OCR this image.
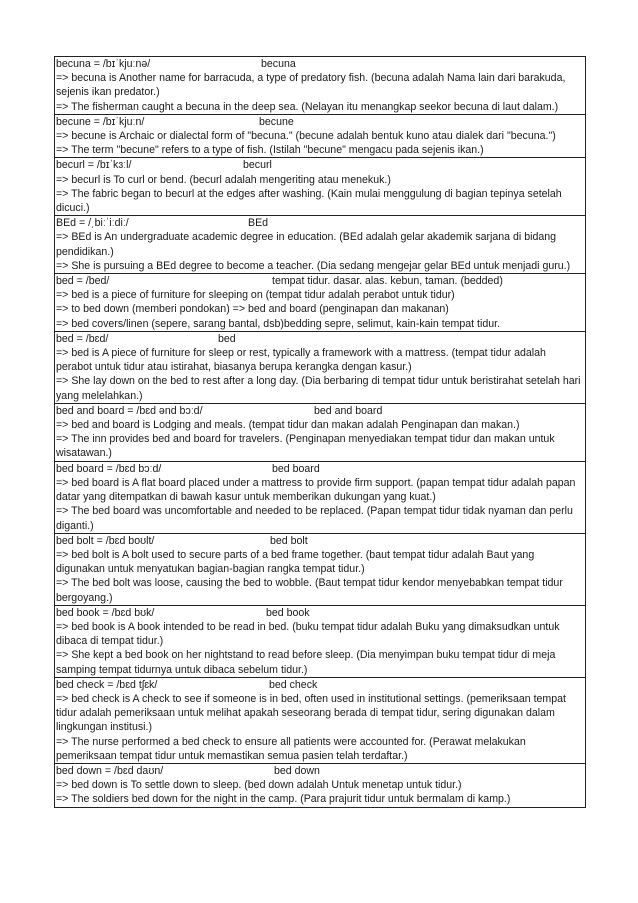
becuna = /bɪˈkjuːnə/	becuna
=> becuna is Another name for barracuda, a type of predatory fish. (becuna adalah Nama lain dari barakuda, sejenis ikan predator.)
=> The fisherman caught a becuna in the deep sea. (Nelayan itu menangkap seekor becuna di laut dalam.)
becune = /bɪˈkjuːn/	becune
=> becune is Archaic or dialectal form of "becuna." (becune adalah bentuk kuno atau dialek dari "becuna.")
=> The term "becune" refers to a type of fish. (Istilah "becune" mengacu pada sejenis ikan.)
becurl = /bɪˈkɜːl/	becurl
=> becurl is To curl or bend. (becurl adalah mengeriting atau menekuk.)
=> The fabric began to becurl at the edges after washing. (Kain mulai menggulung di bagian tepinya setelah dicuci.)
BEd = /ˌbiːˈiːdiː/	BEd
=> BEd is An undergraduate academic degree in education. (BEd adalah gelar akademik sarjana di bidang pendidikan.)
=> She is pursuing a BEd degree to become a teacher. (Dia sedang mengejar gelar BEd untuk menjadi guru.)
bed = /bed/	tempat tidur. dasar. alas. kebun, taman. (bedded)
=> bed is a piece of furniture for sleeping on (tempat tidur adalah perabot untuk tidur)
=> to bed down (memberi pondokan) => bed and board (penginapan dan makanan)
=> bed covers/linen (sepere, sarang bantal, dsb)bedding sepre, selimut, kain-kain tempat tidur.
bed = /bɛd/	bed
=> bed is A piece of furniture for sleep or rest, typically a framework with a mattress. (tempat tidur adalah perabot untuk tidur atau istirahat, biasanya berupa kerangka dengan kasur.)
=> She lay down on the bed to rest after a long day. (Dia berbaring di tempat tidur untuk beristirahat setelah hari yang melelahkan.)
bed and board = /bɛd ənd bɔːd/	bed and board
=> bed and board is Lodging and meals. (tempat tidur dan makan adalah Penginapan dan makan.)
=> The inn provides bed and board for travelers. (Penginapan menyediakan tempat tidur dan makan untuk wisatawan.)
bed board = /bɛd bɔːd/	bed board
=> bed board is A flat board placed under a mattress to provide firm support. (papan tempat tidur adalah papan datar yang ditempatkan di bawah kasur untuk memberikan dukungan yang kuat.)
=> The bed board was uncomfortable and needed to be replaced. (Papan tempat tidur tidak nyaman dan perlu diganti.)
bed bolt = /bɛd boʊlt/	bed bolt
=> bed bolt is A bolt used to secure parts of a bed frame together. (baut tempat tidur adalah Baut yang digunakan untuk menyatukan bagian-bagian rangka tempat tidur.)
=> The bed bolt was loose, causing the bed to wobble. (Baut tempat tidur kendor menyebabkan tempat tidur bergoyang.)
bed book = /bɛd bʊk/	bed book
=> bed book is A book intended to be read in bed. (buku tempat tidur adalah Buku yang dimaksudkan untuk dibaca di tempat tidur.)
=> She kept a bed book on her nightstand to read before sleep. (Dia menyimpan buku tempat tidur di meja samping tempat tidurnya untuk dibaca sebelum tidur.)
bed check = /bɛd tʃɛk/	bed check
=> bed check is A check to see if someone is in bed, often used in institutional settings. (pemeriksaan tempat tidur adalah pemeriksaan untuk melihat apakah seseorang berada di tempat tidur, sering digunakan dalam lingkungan institusi.)
=> The nurse performed a bed check to ensure all patients were accounted for. (Perawat melakukan pemeriksaan tempat tidur untuk memastikan semua pasien telah terdaftar.)
bed down = /bɛd daʊn/	bed down
=> bed down is To settle down to sleep. (bed down adalah Untuk menetap untuk tidur.)
=> The soldiers bed down for the night in the camp. (Para prajurit tidur untuk bermalam di kamp.)
